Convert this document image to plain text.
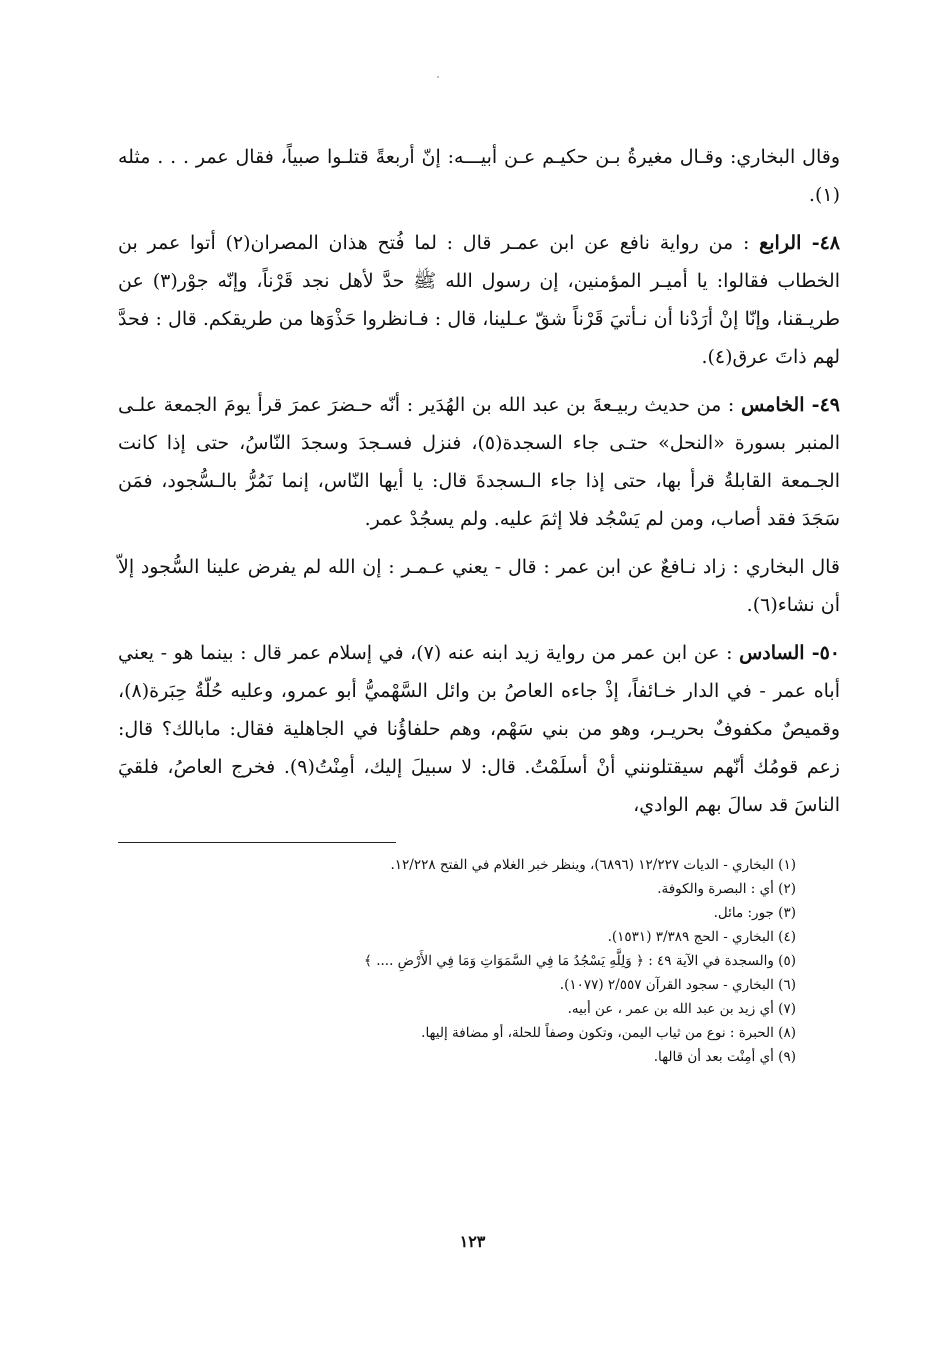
وقال البخاري: وقـال مغيرةُ بـن حكيـم عـن أبيـــه: إنّ أربعةً قتلـوا صبياً، فقال عمر . . . مثله (١).

٤٨- الرابع : من رواية نافع عن ابن عمـر قال : لما فُتح هذان المصران(٢) أتوا عمر بن الخطاب فقالوا: يا أميـر المؤمنين، إن رسول الله ﷺ حدَّ لأهل نجد قَرْناً، وإنّه جوْر(٣) عن طريـقنا، وإنّا إنْ أرَدْنا أن نـأتيَ قَرْناً شقّ عـلينا، قال : فـانظروا حَذْوَها من طريقكم. قال : فحدَّ لهم ذاتَ عرق(٤).

٤٩- الخامس : من حديث ربيـعةَ بن عبد الله بن الهُدَير : أنّه حـضرَ عمرَ قرأ يومَ الجمعة علـى المنبر بسورة «النحل» حتـى جاء السجدة(٥)، فنزل فسـجدَ وسجدَ النّاسُ، حتى إذا كانت الجـمعة القابلةُ قرأ بها، حتى إذا جاء الـسجدةَ قال: يا أيها النّاس، إنما نَمُرُّ بالـسُّجود، فمَن سَجَدَ فقد أصاب، ومن لم يَسْجُد فلا إثمَ عليه. ولم يسجُدْ عمر.

قال البخاري : زاد نـافعٌ عن ابن عمر : قال - يعني عـمـر : إن الله لم يفرض علينا السُّجود إلاّ أن نشاء(٦).

٥٠- السادس : عن ابن عمر من رواية زيد ابنه عنه (٧)، في إسلام عمر قال : بينما هو - يعني أباه عمر - في الدار خـائفاً، إذْ جاءه العاصُ بن وائل السَّهْميُّ أبو عمرو، وعليه حُلّةُ حِبَرة(٨)، وقميصٌ مكفوفٌ بحريـر، وهو من بني سَهْم، وهم حلفاؤُنا في الجاهلية فقال: مابالك؟ قال: زعم قومُك أنّهم سيقتلونني أنْ أسلَمْتُ. قال: لا سبيلَ إليك، أمِنْتُ(٩). فخرج العاصُ، فلقيَ الناسَ قد سالَ بهم الوادي،

(١) البخاري - الديات ١٢/٢٢٧ (٦٨٩٦)، وينظر خبر الغلام في الفتح ١٢/٢٢٨.
(٢) أي : البصرة والكوفة.
(٣) جور: مائل.
(٤) البخاري - الحج ٣/٣٨٩ (١٥٣١).
(٥) والسجدة في الآية ٤٩ : ﴿ وَلِلَّهِ يَسْجُدُ مَا فِي السَّمَوَاتِ وَمَا فِي الأَرْضِ .... ﴾
(٦) البخاري - سجود القرآن ٢/٥٥٧ (١٠٧٧).
(٧) أي زيد بن عبد الله بن عمر ، عن أبيه.
(٨) الحبرة : نوع من ثياب اليمن، وتكون وصفاً للحلة، أو مضافة إليها.
(٩) أي أمِنْت بعد أن قالها.
١٢٣
